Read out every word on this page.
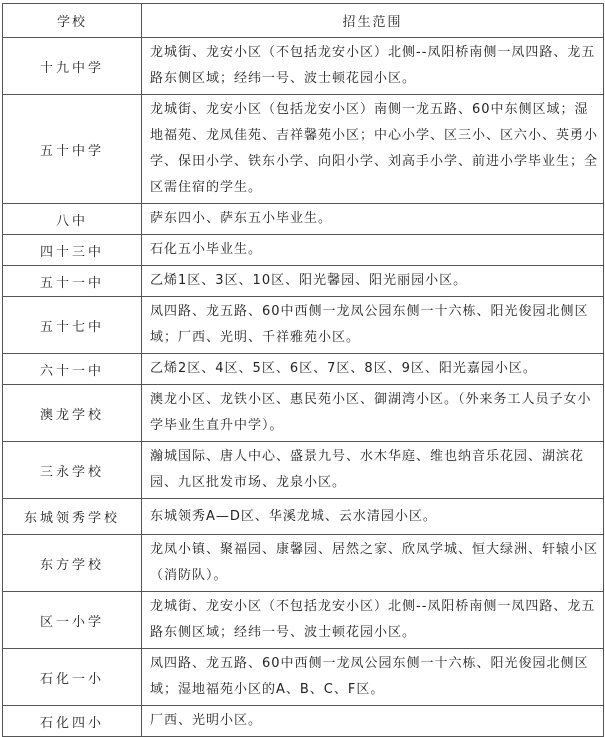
学校	招生范围
十九中学	龙城街、龙安小区（不包括龙安小区）北侧--凤阳桥南侧一凤四路、龙五路东侧区域；经纬一号、波士顿花园小区。
五十中学	龙城街、龙安小区（包括龙安小区）南侧一龙五路、60中东侧区域；湿地福苑、龙凤佳苑、吉祥馨苑小区；中心小学、区三小、区六小、英勇小学、保田小学、铁东小学、向阳小学、刘高手小学、前进小学毕业生；全区需住宿的学生。
八中	萨东四小、萨东五小毕业生。
四十三中	石化五小毕业生。
五十一中	乙烯1区、3区、10区、阳光馨园、阳光丽园小区。
五十七中	凤四路、龙五路、60中西侧一龙凤公园东侧一十六栋、阳光俊园北侧区域；厂西、光明、千祥雅苑小区。
六十一中	乙烯2区、4区、5区、6区、7区、8区、9区、阳光嘉园小区。
澳龙学校	澳龙小区、龙铁小区、惠民苑小区、御湖湾小区。（外来务工人员子女小学毕业生直升中学）。
三永学校	瀚城国际、唐人中心、盛景九号、水木华庭、维也纳音乐花园、湖滨花园、九区批发市场、龙泉小区。
东城领秀学校	东城领秀A—D区、华溪龙城、云水清园小区。
东方学校	龙凤小镇、聚福园、康馨园、居然之家、欣凤学城、恒大绿洲、轩辕小区（消防队）。
区一小学	龙城街、龙安小区（不包括龙安小区）北侧--凤阳桥南侧一凤四路、龙五路东侧区域；经纬一号、波士顿花园小区。
石化一小	凤四路、龙五路、60中西侧一龙凤公园东侧一十六栋、阳光俊园北侧区域；湿地福苑小区的A、B、C、F区。
石化四小	厂西、光明小区。
